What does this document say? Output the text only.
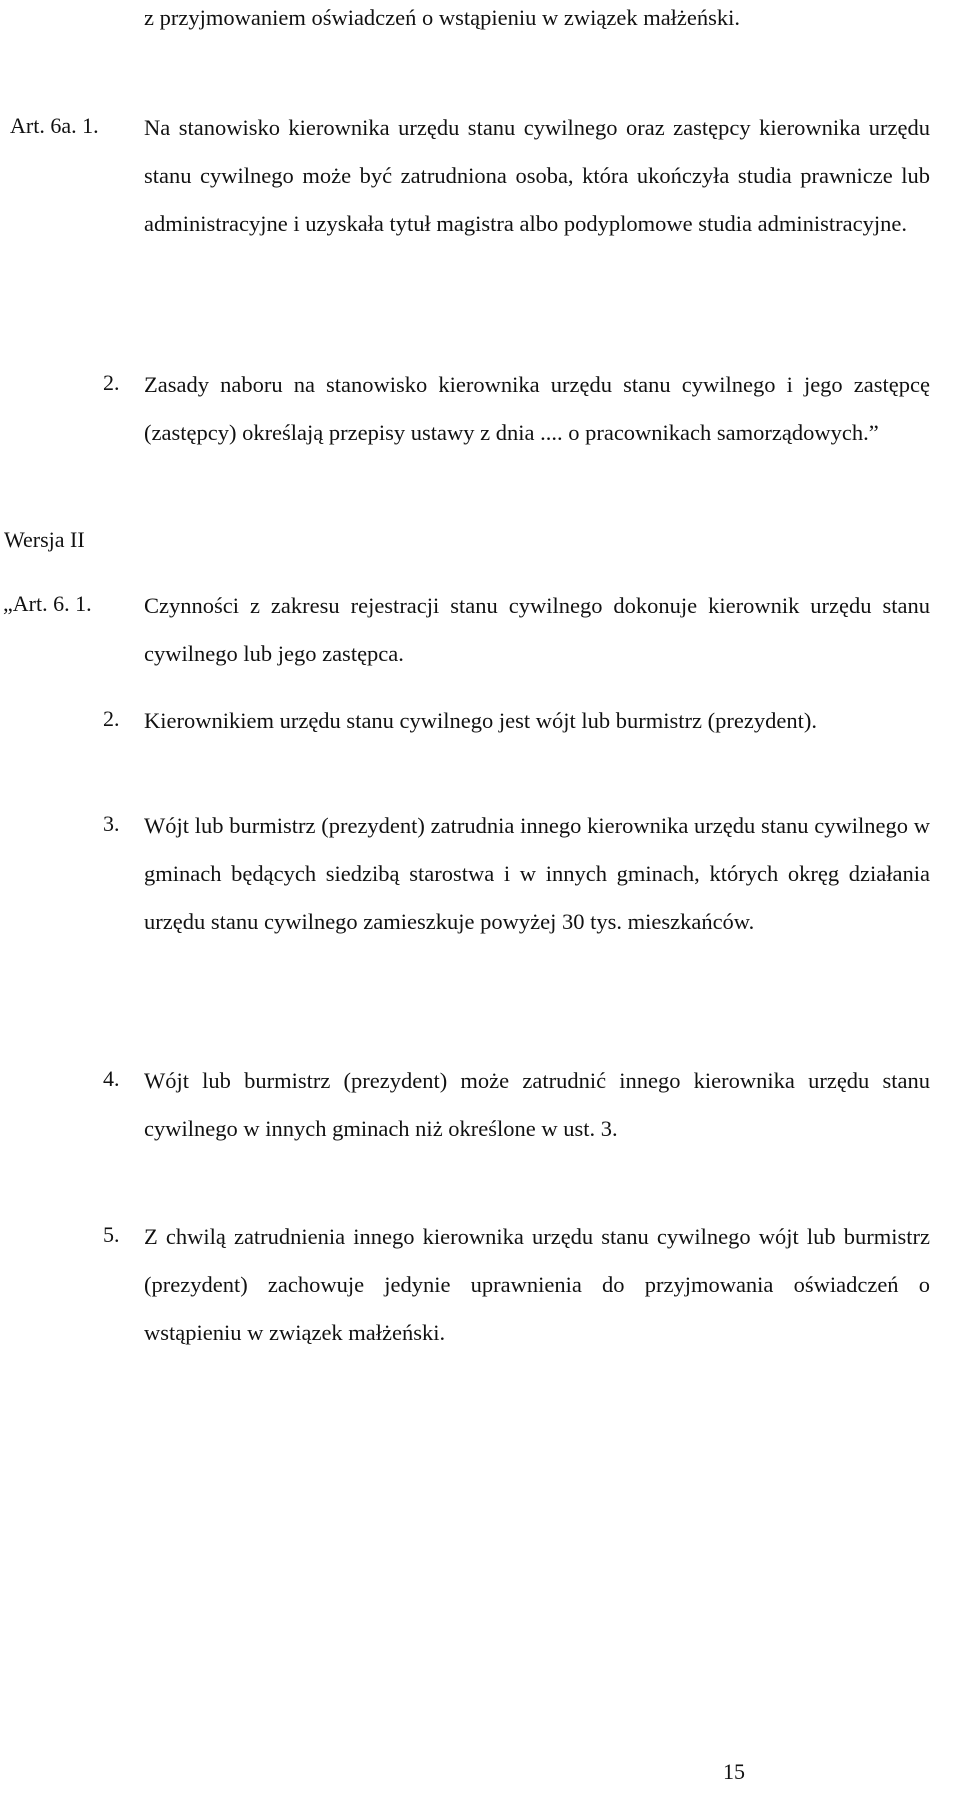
z przyjmowaniem oświadczeń o wstąpieniu w związek małżeński.
Art. 6a. 1. Na stanowisko kierownika urzędu stanu cywilnego oraz zastępcy kierownika urzędu stanu cywilnego może być zatrudniona osoba, która ukończyła studia prawnicze lub administracyjne i uzyskała tytuł magistra albo podyplomowe studia administracyjne.
2. Zasady naboru na stanowisko kierownika urzędu stanu cywilnego i jego zastępcę (zastępcy) określają przepisy ustawy z dnia .... o pracownikach samorządowych.”
Wersja II
„Art. 6. 1. Czynności z zakresu rejestracji stanu cywilnego dokonuje kierownik urzędu stanu cywilnego lub jego zastępca.
2. Kierownikiem urzędu stanu cywilnego jest wójt lub burmistrz (prezydent).
3. Wójt lub burmistrz (prezydent) zatrudnia innego kierownika urzędu stanu cywilnego w gminach będących siedzibą starostwa i w innych gminach, których okręg działania urzędu stanu cywilnego zamieszkuje powyżej 30 tys. mieszkańców.
4. Wójt lub burmistrz (prezydent) może zatrudnić innego kierownika urzędu stanu cywilnego w innych gminach niż określone w ust. 3.
5. Z chwilą zatrudnienia innego kierownika urzędu stanu cywilnego wójt lub burmistrz (prezydent) zachowuje jedynie uprawnienia do przyjmowania oświadczeń o wstąpieniu w związek małżeński.
15
